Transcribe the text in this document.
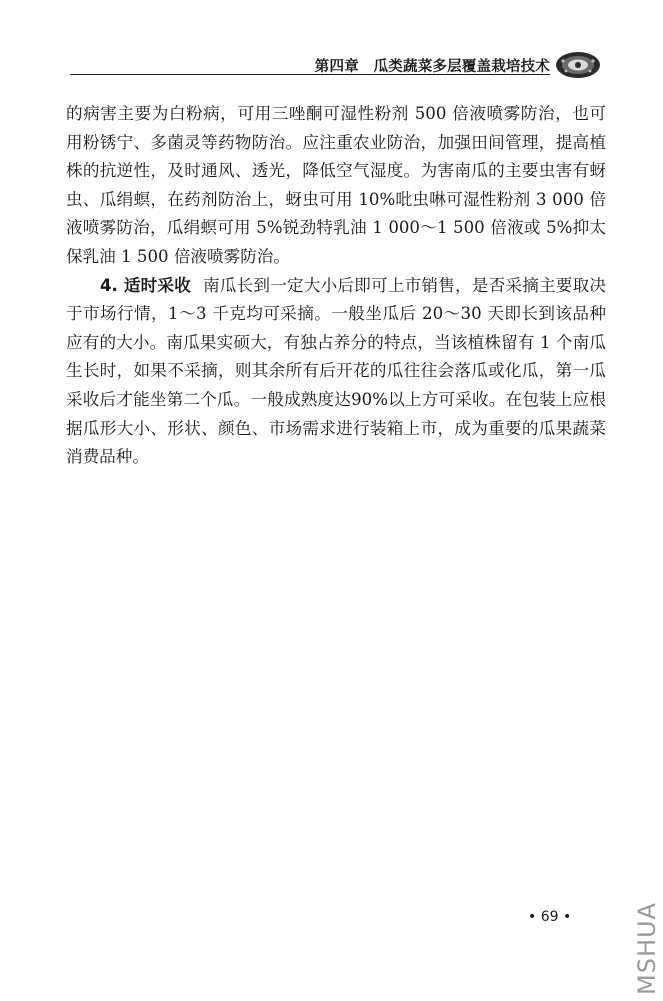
第四章　瓜类蔬菜多层覆盖栽培技术

的病害主要为白粉病，可用三唑酮可湿性粉剂 500 倍液喷雾防治，也可用粉锈宁、多菌灵等药物防治。应注重农业防治，加强田间管理，提高植株的抗逆性，及时通风、透光，降低空气湿度。为害南瓜的主要虫害有蚜虫、瓜绢螟，在药剂防治上，蚜虫可用 10%吡虫啉可湿性粉剂 3 000 倍液喷雾防治，瓜绢螟可用 5%锐劲特乳油 1 000～1 500 倍液或 5%抑太保乳油 1 500 倍液喷雾防治。

4. 适时采收 南瓜长到一定大小后即可上市销售，是否采摘主要取决于市场行情，1～3 千克均可采摘。一般坐瓜后 20～30 天即长到该品种应有的大小。南瓜果实硕大，有独占养分的特点，当该植株留有 1 个南瓜生长时，如果不采摘，则其余所有后开花的瓜往往会落瓜或化瓜，第一瓜采收后才能坐第二个瓜。一般成熟度达90%以上方可采收。在包装上应根据瓜形大小、形状、颜色、市场需求进行装箱上市，成为重要的瓜果蔬菜消费品种。

• 69 •	MSHUA
